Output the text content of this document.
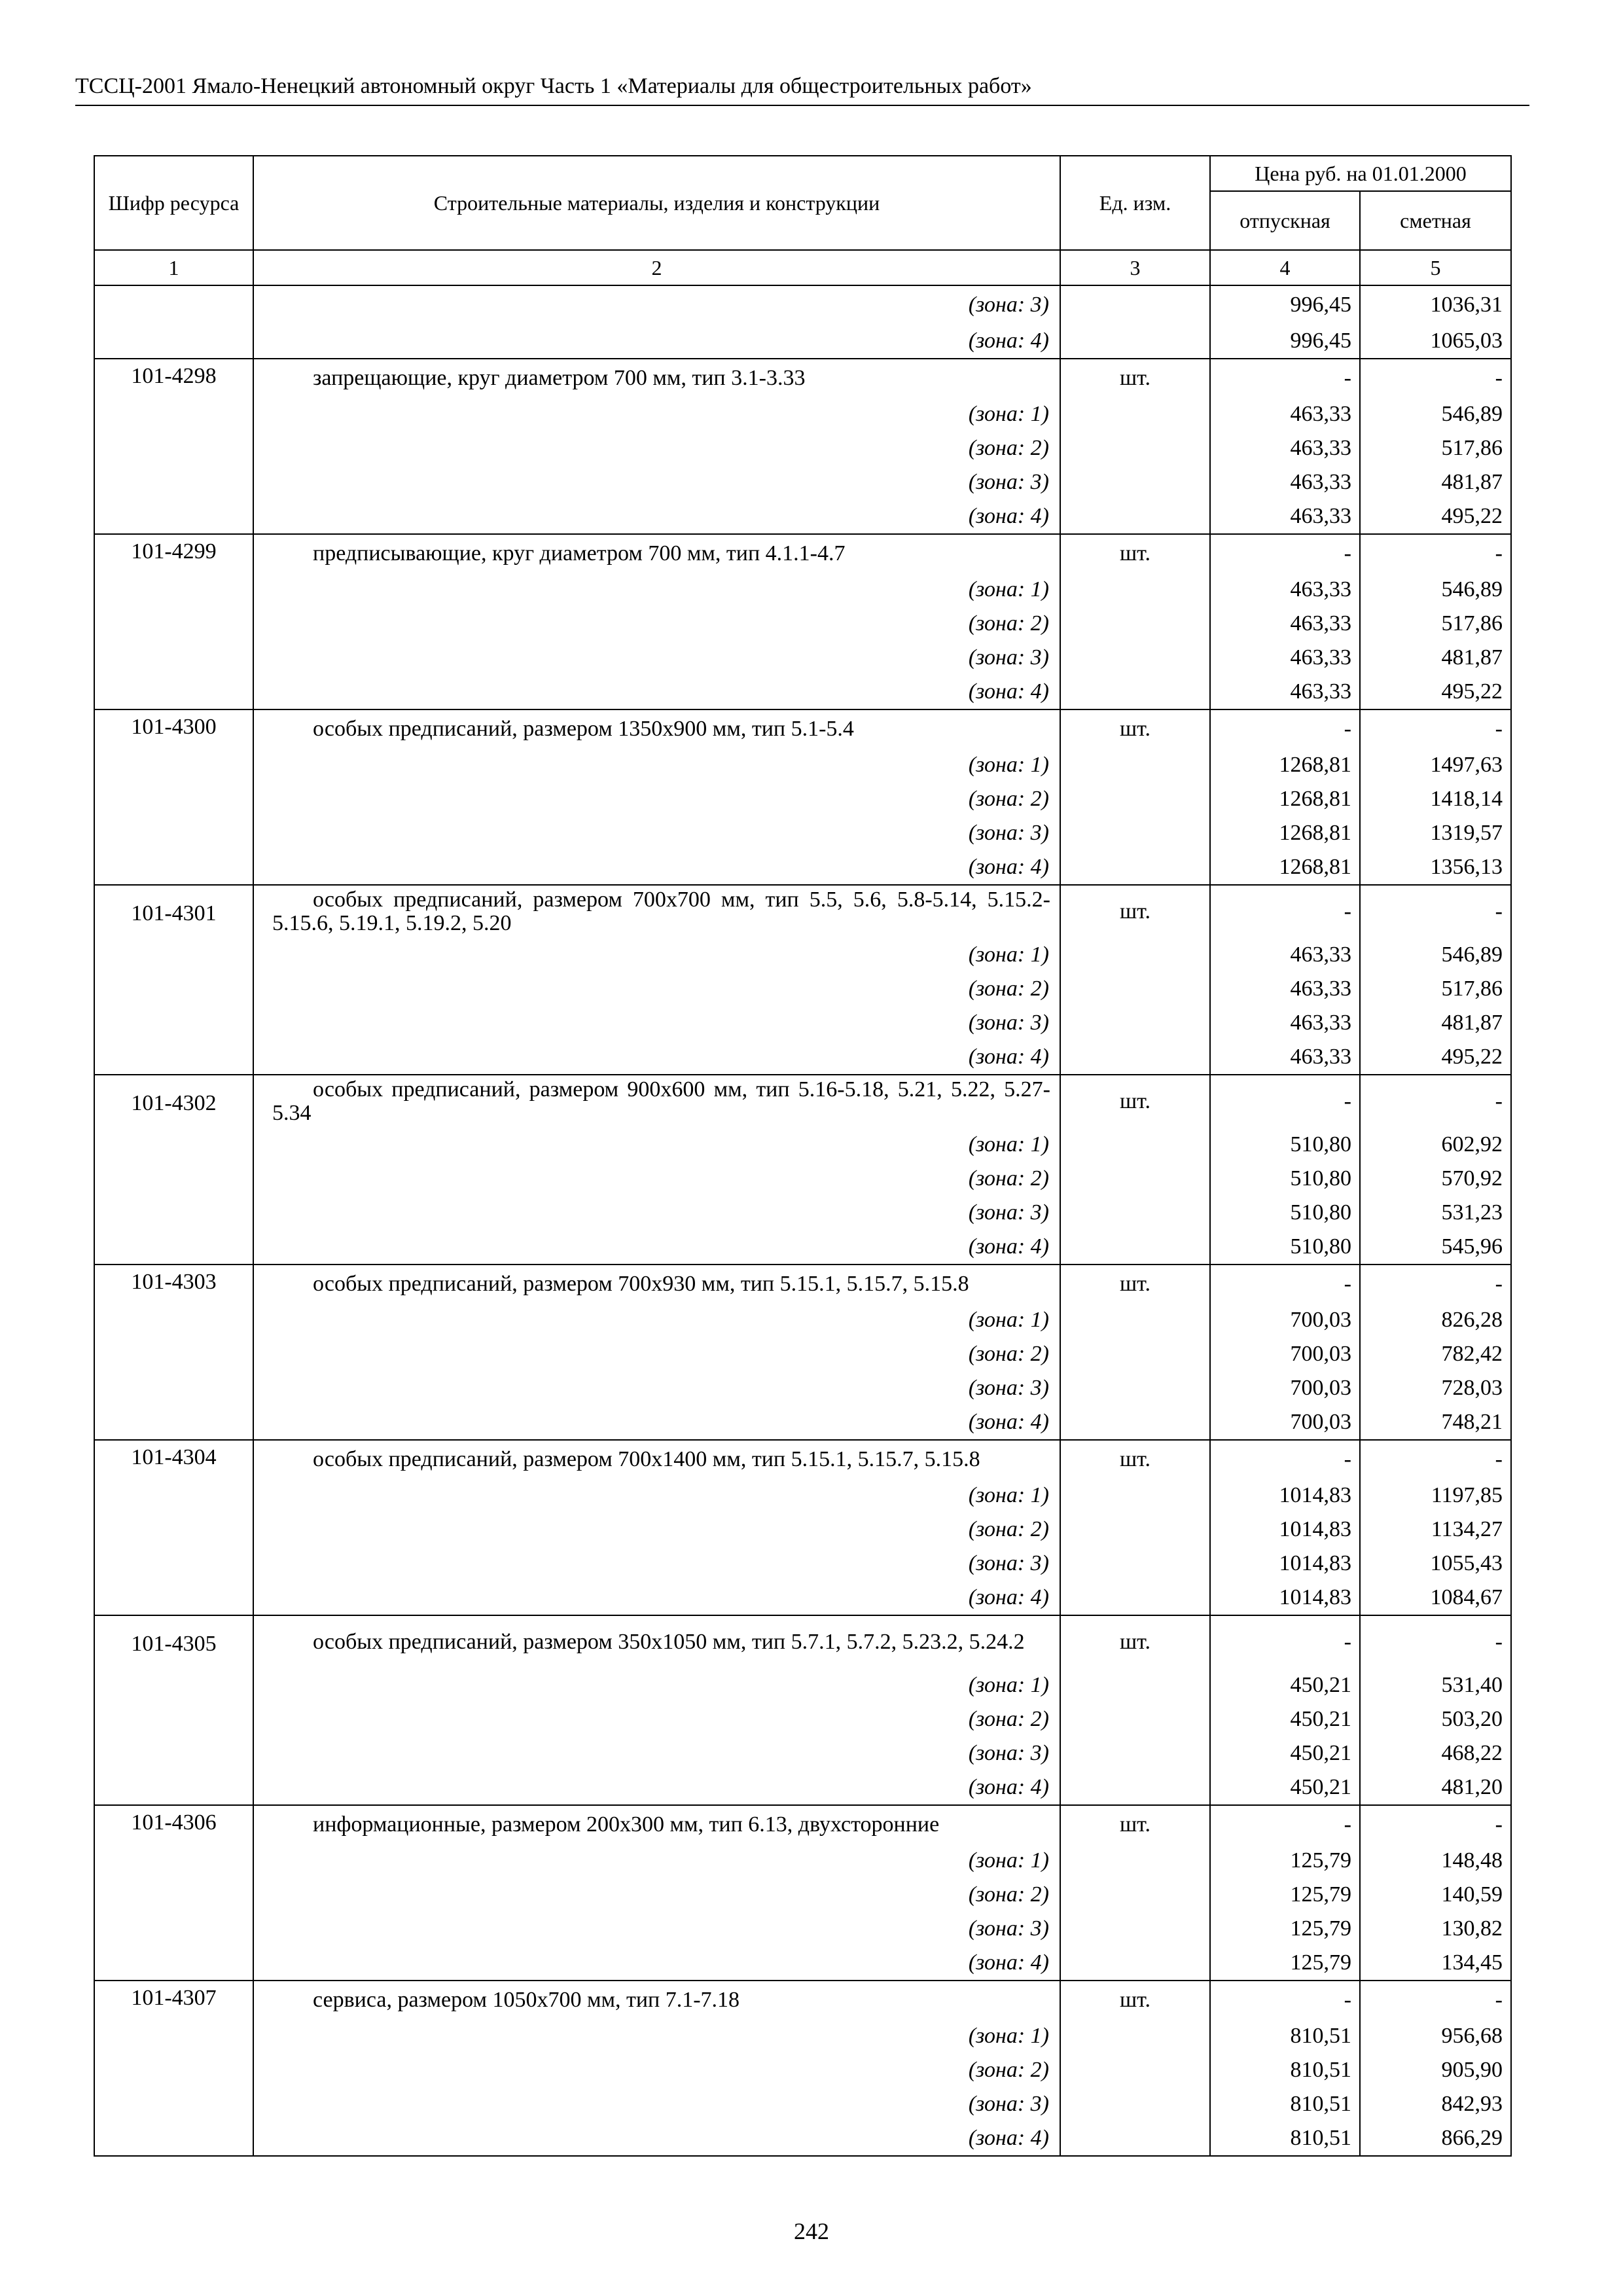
ТССЦ-2001 Ямало-Ненецкий автономный округ Часть 1 «Материалы для общестроительных работ»
Шифр ресурса	Строительные материалы, изделия и конструкции	Ед. изм.	Цена руб. на 01.01.2000	
			отпускная	сметная
1	2	3	4	5
	(зона: 3)		996,45	1036,31
	(зона: 4)		996,45	1065,03
101-4298	запрещающие, круг диаметром 700 мм, тип 3.1-3.33	шт.	-	-
	(зона: 1)		463,33	546,89
	(зона: 2)		463,33	517,86
	(зона: 3)		463,33	481,87
	(зона: 4)		463,33	495,22
101-4299	предписывающие, круг диаметром 700 мм, тип 4.1.1-4.7	шт.	-	-
	(зона: 1)		463,33	546,89
	(зона: 2)		463,33	517,86
	(зона: 3)		463,33	481,87
	(зона: 4)		463,33	495,22
101-4300	особых предписаний, размером 1350х900 мм, тип 5.1-5.4	шт.	-	-
	(зона: 1)		1268,81	1497,63
	(зона: 2)		1268,81	1418,14
	(зона: 3)		1268,81	1319,57
	(зона: 4)		1268,81	1356,13
101-4301	особых предписаний, размером 700х700 мм, тип 5.5, 5.6, 5.8-5.14, 5.15.2-5.15.6, 5.19.1, 5.19.2, 5.20	шт.	-	-
	(зона: 1)		463,33	546,89
	(зона: 2)		463,33	517,86
	(зона: 3)		463,33	481,87
	(зона: 4)		463,33	495,22
101-4302	особых предписаний, размером 900х600 мм, тип 5.16-5.18, 5.21, 5.22, 5.27-5.34	шт.	-	-
	(зона: 1)		510,80	602,92
	(зона: 2)		510,80	570,92
	(зона: 3)		510,80	531,23
	(зона: 4)		510,80	545,96
101-4303	особых предписаний, размером 700х930 мм, тип 5.15.1, 5.15.7, 5.15.8	шт.	-	-
	(зона: 1)		700,03	826,28
	(зона: 2)		700,03	782,42
	(зона: 3)		700,03	728,03
	(зона: 4)		700,03	748,21
101-4304	особых предписаний, размером 700х1400 мм, тип 5.15.1, 5.15.7, 5.15.8	шт.	-	-
	(зона: 1)		1014,83	1197,85
	(зона: 2)		1014,83	1134,27
	(зона: 3)		1014,83	1055,43
	(зона: 4)		1014,83	1084,67
101-4305	особых предписаний, размером 350х1050 мм, тип 5.7.1, 5.7.2, 5.23.2, 5.24.2	шт.	-	-
	(зона: 1)		450,21	531,40
	(зона: 2)		450,21	503,20
	(зона: 3)		450,21	468,22
	(зона: 4)		450,21	481,20
101-4306	информационные, размером 200х300 мм, тип 6.13, двухсторонние	шт.	-	-
	(зона: 1)		125,79	148,48
	(зона: 2)		125,79	140,59
	(зона: 3)		125,79	130,82
	(зона: 4)		125,79	134,45
101-4307	сервиса, размером 1050х700 мм, тип 7.1-7.18	шт.	-	-
	(зона: 1)		810,51	956,68
	(зона: 2)		810,51	905,90
	(зона: 3)		810,51	842,93
	(зона: 4)		810,51	866,29
242
